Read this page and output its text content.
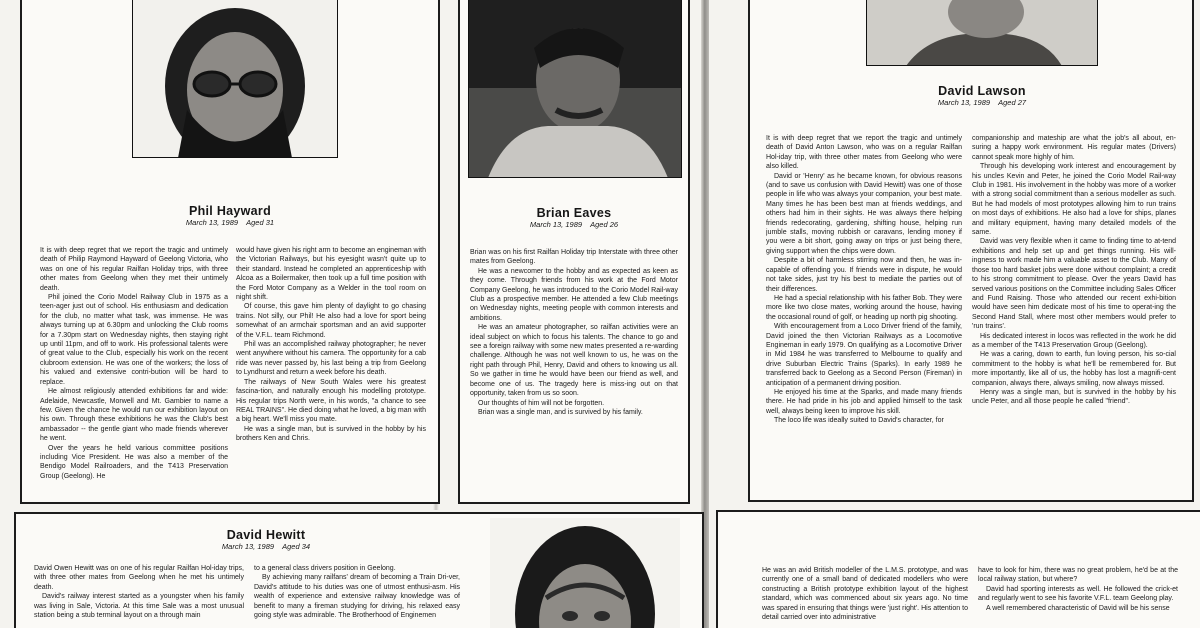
Phil Hayward
March 13, 1989 Aged 31

It is with deep regret that we report the tragic and untimely death of Philip Raymond Hayward of Geelong Victoria, who was on one of his regular Railfan Holiday trips, with three other mates from Geelong when they met their untimely death.

Phil joined the Corio Model Railway Club in 1975 as a teen-ager just out of school. His enthusiasm and dedication for the club, no matter what task, was immense. He was always turning up at 6.30pm and unlocking the Club rooms for a 7.30pm start on Wednesday nights, then staying right up until 11pm, and off to work. His professional talents were of great value to the Club, especially his work on the recent clubroom extension. He was one of the workers; the loss of his valued and extensive contri-bution will be hard to replace.

He almost religiously attended exhibitions far and wide: Adelaide, Newcastle, Morwell and Mt. Gambier to name a few. Given the chance he would run our exhibition layout on his own. Through these exhibitions he was the Club's best ambassador -- the gentle giant who made friends wherever he went.

Over the years he held various committee positions including Vice President. He was also a member of the Bendigo Model Railroaders, and the T413 Preservation Group (Geelong). He

would have given his right arm to become an engineman with the Victorian Railways, but his eyesight wasn't quite up to their standard. Instead he completed an apprenticeship with Alcoa as a Boilermaker, then took up a full time position with the Ford Motor Company as a Welder in the tool room on night shift.

Of course, this gave him plenty of daylight to go chasing trains. Not silly, our Phil! He also had a love for sport being somewhat of an armchair sportsman and an avid supporter of the V.F.L. team Richmond.

Phil was an accomplished railway photographer; he never went anywhere without his camera. The opportunity for a cab ride was never passed by, his last being a trip from Geelong to Lyndhurst and return a week before his death.

The railways of New South Wales were his greatest fascina-tion, and naturally enough his modelling prototype. His regular trips North were, in his words, "a chance to see REAL TRAINS". He died doing what he loved, a big man with a big heart. We'll miss you mate.

He was a single man, but is survived in the hobby by his brothers Ken and Chris.

Brian Eaves
March 13, 1989 Aged 26

Brian was on his first Railfan Holiday trip Interstate with three other mates from Geelong.

He was a newcomer to the hobby and as expected as keen as they come. Through friends from his work at the Ford Motor Company Geelong, he was introduced to the Corio Model Rail-way Club as a prospective member. He attended a few Club meetings on Wednesday nights, meeting people with common interests and ambitions.

He was an amateur photographer, so railfan activities were an ideal subject on which to focus his talents. The chance to go and see a foreign railway with some new mates presented a re-warding challenge. Although he was not well known to us, he was on the right path through Phil, Henry, David and others to knowing us all. So we gather in time he would have been our friend as well, and become one of us. The tragedy here is miss-ing out on that opportunity, taken from us so soon.

Our thoughts of him will not be forgotten.

Brian was a single man, and is survived by his family.

David Lawson
March 13, 1989 Aged 27

It is with deep regret that we report the tragic and untimely death of David Anton Lawson, who was on a regular Railfan Hol-iday trip, with three other mates from Geelong who were also killed.

David or 'Henry' as he became known, for obvious reasons (and to save us confusion with David Hewitt) was one of those people in life who was always your companion, your best mate. Many times he has been best man at friends weddings, and others had him in their sights. He was always there helping friends redecorating, gardening, shifting house, helping run jumble stalls, moving rubbish or caravans, lending money if you were a bit short, going away on trips or just being there, giving support when the chips were down.

Despite a bit of harmless stirring now and then, he was in-capable of offending you. If friends were in dispute, he would not take sides, just try his best to mediate the parties out of their differences.

He had a special relationship with his father Bob. They were more like two close mates, working around the house, having the occasional round of golf, or heading up north pig shooting.

With encouragement from a Loco Driver friend of the family, David joined the then Victorian Railways as a Locomotive Engineman in early 1979. On qualifying as a Locomotive Driver in Mid 1984 he was transferred to Melbourne to qualify and drive Suburban Electric Trains (Sparks). In early 1989 he transferred back to Geelong as a Second Person (Fireman) in anticipation of a permanent driving position.

He enjoyed his time at the Sparks, and made many friends there. He had pride in his job and applied himself to the task well, always being keen to improve his skill.

The loco life was ideally suited to David's character, for

companionship and mateship are what the job's all about, en-suring a happy work environment. His regular mates (Drivers) cannot speak more highly of him.

Through his developing work interest and encouragement by his uncles Kevin and Peter, he joined the Corio Model Rail-way Club in 1981. His involvement in the hobby was more of a worker with a strong social commitment than a serious modeller as such. But he had models of most prototypes allowing him to run trains on most days of exhibitions. He also had a love for ships, planes and military equipment, having many detailed models of the same.

David was very flexible when it came to finding time to at-tend exhibitions and help set up and get things running. His will-ingness to work made him a valuable asset to the Club. Many of those too hard basket jobs were done without complaint; a credit to his strong commitment to please. Over the years David has served various positions on the Committee including Sales Officer and Fund Raising. Those who attended our recent exhi-bition would have seen him dedicate most of his time to operat-ing the Second Hand Stall, where most other members would prefer to 'run trains'.

His dedicated interest in locos was reflected in the work he did as a member of the T413 Preservation Group (Geelong).

He was a caring, down to earth, fun loving person, his so-cial commitment to the hobby is what he'll be remembered for. But more importantly, like all of us, the hobby has lost a magnifi-cent companion, always there, always smiling, now always missed.

Henry was a single man, but is survived in the hobby by his uncle Peter, and all those people he called "friend".

David Hewitt
March 13, 1989 Aged 34

David Owen Hewitt was on one of his regular Railfan Hol-iday trips, with three other mates from Geelong when he met his untimely death.

David's railway interest started as a youngster when his family was living in Sale, Victoria. At this time Sale was a most unusual station being a stub terminal layout on a through main

to a general class drivers position in Geelong.

By achieving many railfans' dream of becoming a Train Dri-ver, David's attitude to his duties was one of utmost enthusi-asm. His wealth of experience and extensive railway knowledge was of benefit to many a fireman studying for driving, his relaxed easy going style was admirable. The Brotherhood of Enginemen

He was an avid British modeller of the L.M.S. prototype, and was currently one of a small band of dedicated modellers who were constructing a British prototype exhibition layout of the highest standard, which was commenced about six years ago. No time was spared in ensuring that things were 'just right'. His attention to detail carried over into administrative

have to look for him, there was no great problem, he'd be at the local railway station, but where?

David had sporting interests as well. He followed the crick-et and regularly went to see his favorite V.F.L. team Geelong play.

A well remembered characteristic of David will be his sense
